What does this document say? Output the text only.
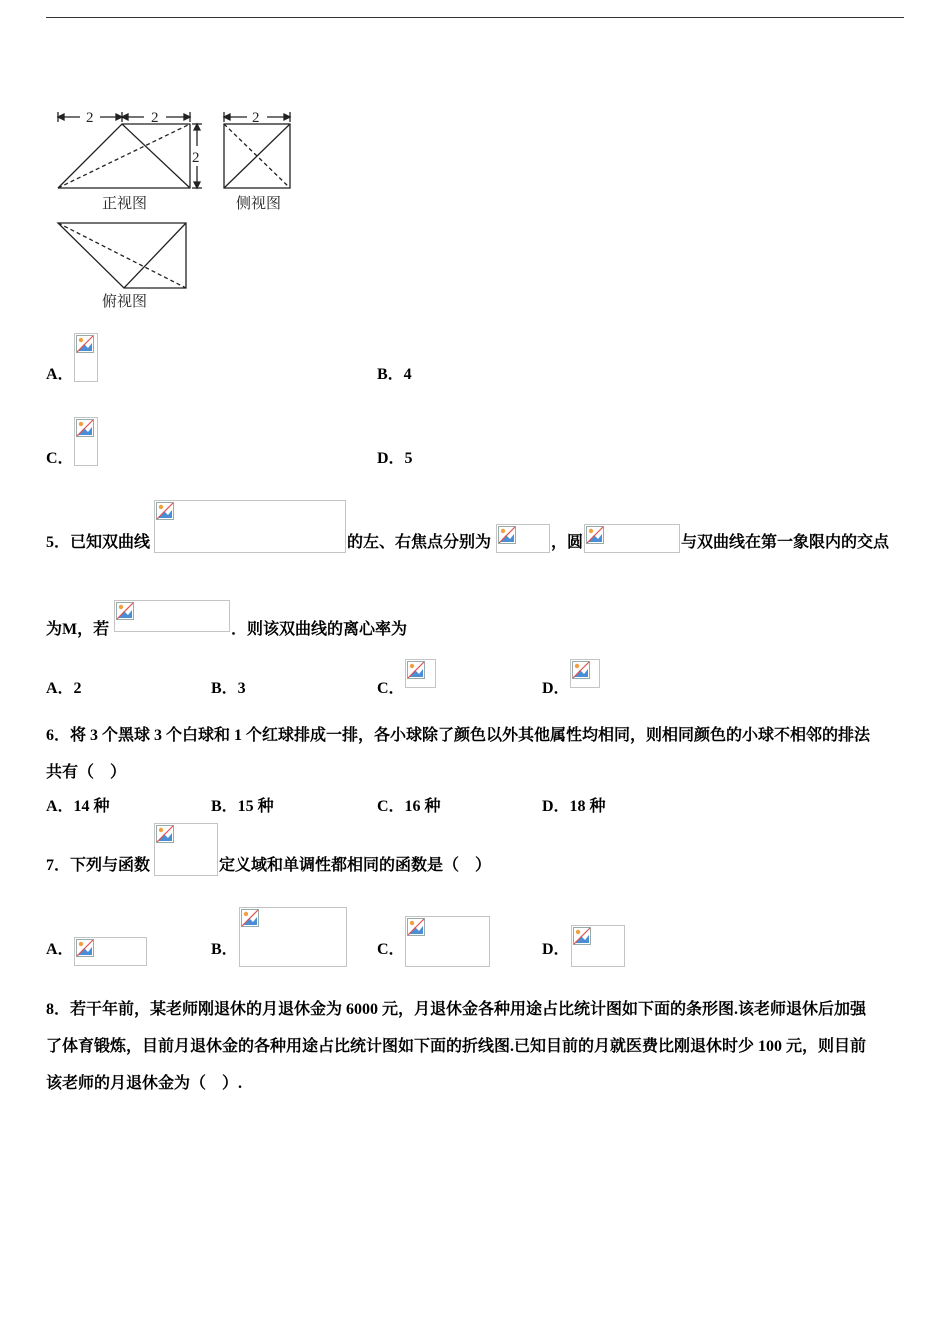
2	2
2
2
正视图	侧视图
俯视图
A．	B．4
C．	D．5
5．已知双曲线	的左、右焦点分别为	，圆	与双曲线在第一象限内的交点
为M，若	．则该双曲线的离心率为
A．2	B．3	C．	D．
6．将 3 个黑球 3 个白球和 1 个红球排成一排，各小球除了颜色以外其他属性均相同，则相同颜色的小球不相邻的排法
共有（　）
A．14 种	B．15 种	C．16 种	D．18 种
7．下列与函数	定义域和单调性都相同的函数是（　）
A．	B．	C．	D．
8．若干年前，某老师刚退休的月退休金为 6000 元，月退休金各种用途占比统计图如下面的条形图.该老师退休后加强
了体育锻炼，目前月退休金的各种用途占比统计图如下面的折线图.已知目前的月就医费比刚退休时少 100 元，则目前
该老师的月退休金为（　）.
